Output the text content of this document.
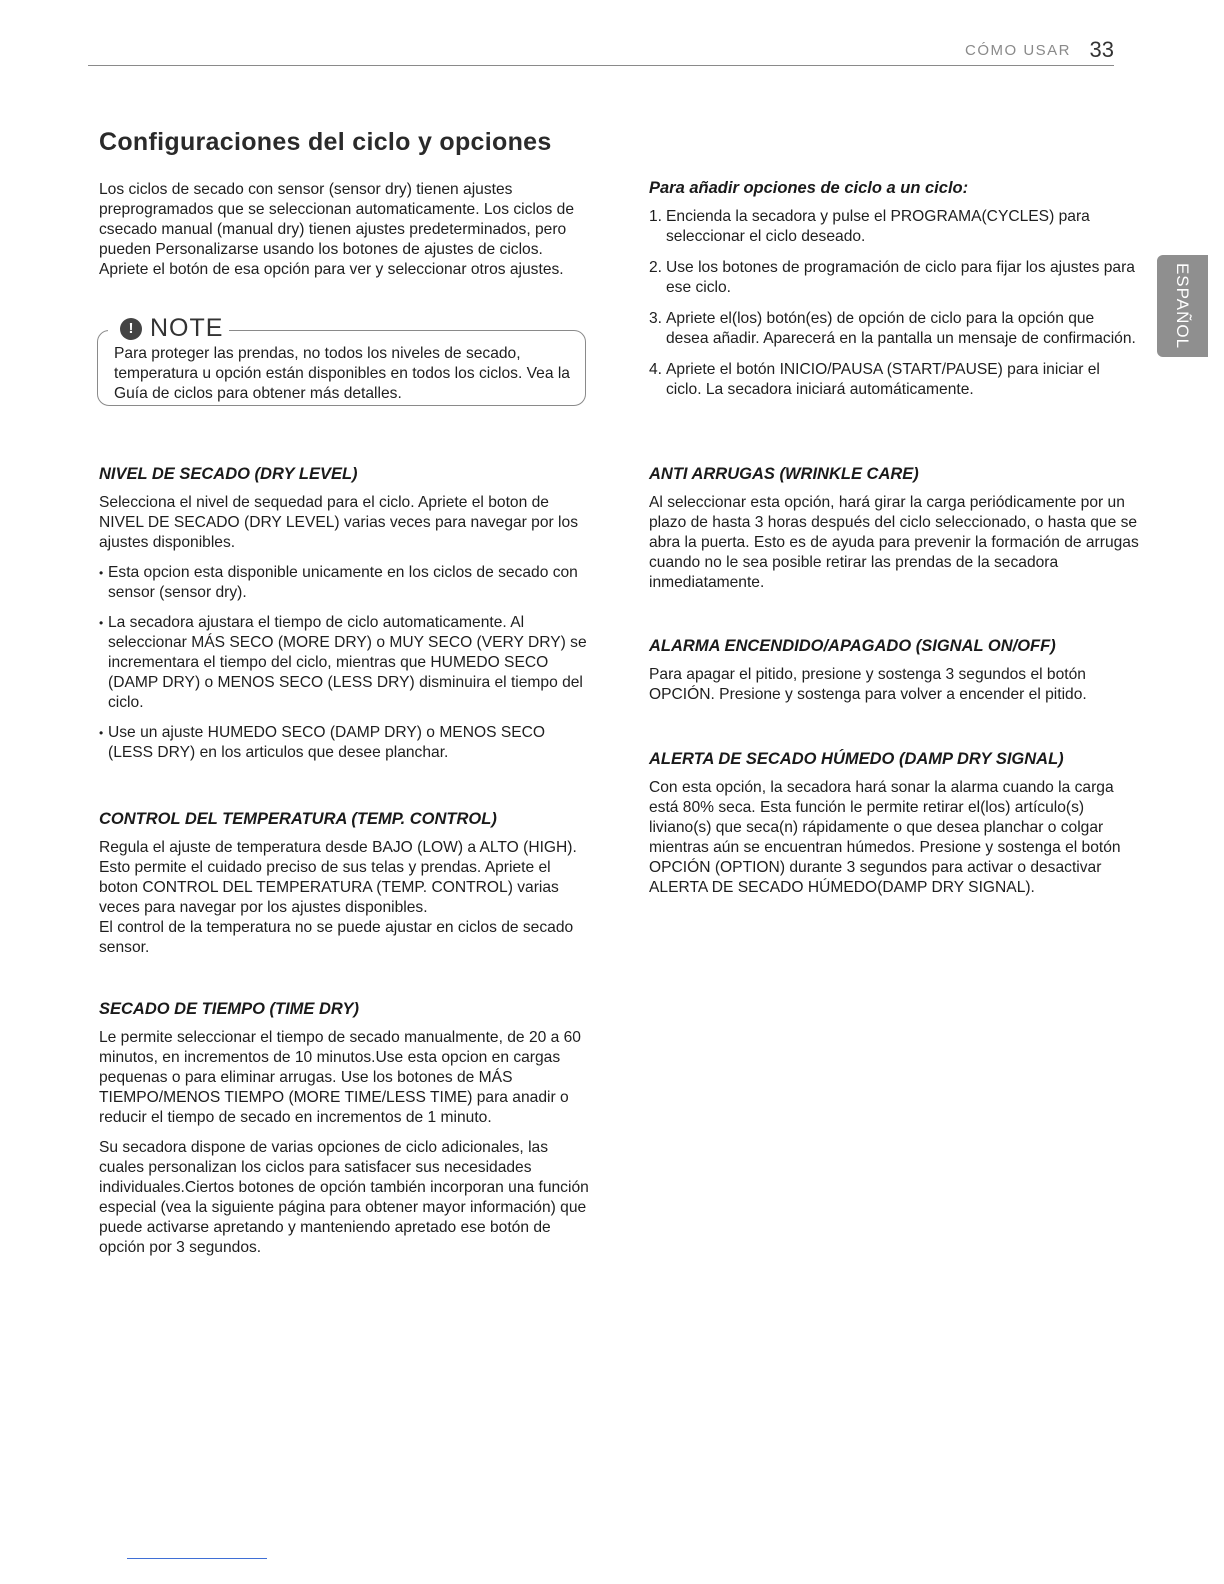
CÓMO USAR 33
ESPAÑOL
Configuraciones del ciclo y opciones

Los ciclos de secado con sensor (sensor dry) tienen ajustes preprogramados que se seleccionan automaticamente. Los ciclos de csecado manual (manual dry) tienen ajustes predeterminados, pero pueden Personalizarse usando los botones de ajustes de ciclos. Apriete el botón de esa opción para ver y seleccionar otros ajustes.

! NOTE
Para proteger las prendas, no todos los niveles de secado, temperatura u opción están disponibles en todos los ciclos. Vea la Guía de ciclos para obtener más detalles.
NIVEL DE SECADO (DRY LEVEL)

Selecciona el nivel de sequedad para el ciclo. Apriete el boton de NIVEL DE SECADO (DRY LEVEL) varias veces para navegar por los ajustes disponibles.

• Esta opcion esta disponible unicamente en los ciclos de secado con sensor (sensor dry).
• La secadora ajustara el tiempo de ciclo automaticamente. Al seleccionar MÁS SECO (MORE DRY) o MUY SECO (VERY DRY) se incrementara el tiempo del ciclo, mientras que HUMEDO SECO (DAMP DRY) o MENOS SECO (LESS DRY) disminuira el tiempo del ciclo.
• Use un ajuste HUMEDO SECO (DAMP DRY) o MENOS SECO (LESS DRY) en los articulos que desee planchar.
CONTROL DEL TEMPERATURA (TEMP. CONTROL)

Regula el ajuste de temperatura desde BAJO (LOW) a ALTO (HIGH). Esto permite el cuidado preciso de sus telas y prendas. Apriete el boton CONTROL DEL TEMPERATURA (TEMP. CONTROL) varias veces para navegar por los ajustes disponibles.

El control de la temperatura no se puede ajustar en ciclos de secado sensor.

SECADO DE TIEMPO (TIME DRY)

Le permite seleccionar el tiempo de secado manualmente, de 20 a 60 minutos, en incrementos de 10 minutos.Use esta opcion en cargas pequenas o para eliminar arrugas. Use los botones de MÁS TIEMPO/MENOS TIEMPO (MORE TIME/LESS TIME) para anadir o reducir el tiempo de secado en incrementos de 1 minuto.

Su secadora dispone de varias opciones de ciclo adicionales, las cuales personalizan los ciclos para satisfacer sus necesidades individuales.Ciertos botones de opción también incorporan una función especial (vea la siguiente página para obtener mayor información) que puede activarse apretando y manteniendo apretado ese botón de opción por 3 segundos.

Para añadir opciones de ciclo a un ciclo:
1. Encienda la secadora y pulse el PROGRAMA(CYCLES) para seleccionar el ciclo deseado.
2. Use los botones de programación de ciclo para fijar los ajustes para ese ciclo.
3. Apriete el(los) botón(es) de opción de ciclo para la opción que desea añadir. Aparecerá en la pantalla un mensaje de confirmación.
4. Apriete el botón INICIO/PAUSA (START/PAUSE) para iniciar el ciclo. La secadora iniciará automáticamente.
ANTI ARRUGAS (WRINKLE CARE)

Al seleccionar esta opción, hará girar la carga periódicamente por un plazo de hasta 3 horas después del ciclo seleccionado, o hasta que se abra la puerta. Esto es de ayuda para prevenir la formación de arrugas cuando no le sea posible retirar las prendas de la secadora inmediatamente.

ALARMA ENCENDIDO/APAGADO (SIGNAL ON/OFF)

Para apagar el pitido, presione y sostenga 3 segundos el botón OPCIÓN. Presione y sostenga para volver a encender el pitido.

ALERTA DE SECADO HÚMEDO (DAMP DRY SIGNAL)

Con esta opción, la secadora hará sonar la alarma cuando la carga está 80% seca. Esta función le permite retirar el(los) artículo(s) liviano(s) que seca(n) rápidamente o que desea planchar o colgar mientras aún se encuentran húmedos. Presione y sostenga el botón OPCIÓN (OPTION) durante 3 segundos para activar o desactivar ALERTA DE SECADO HÚMEDO(DAMP DRY SIGNAL).
